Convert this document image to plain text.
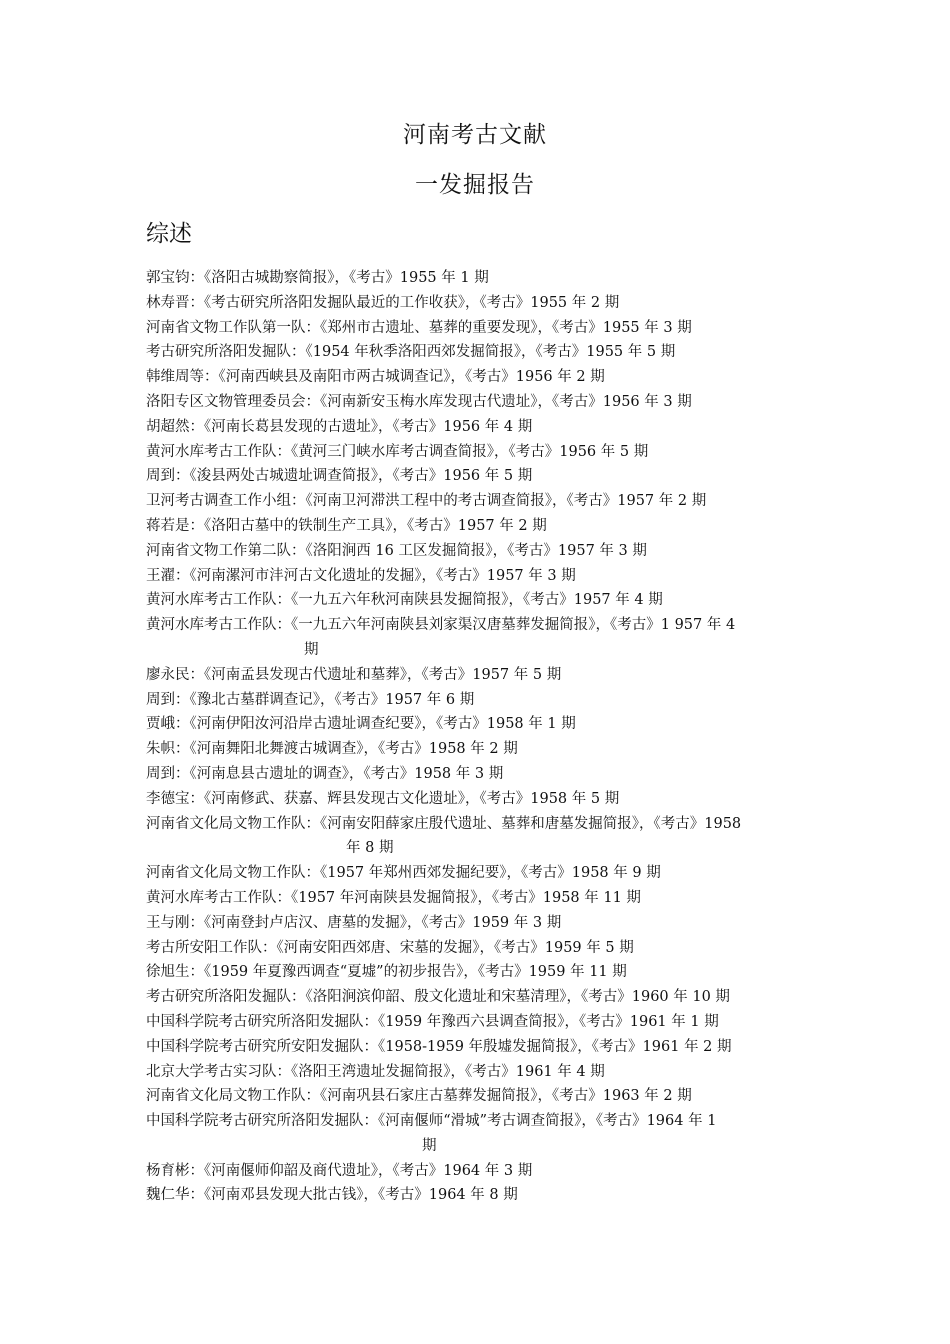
河南考古文献
一发掘报告
综述
郭宝钧：《洛阳古城勘察简报》，《考古》1955 年 1 期
林寿晋：《考古研究所洛阳发掘队最近的工作收获》，《考古》1955 年 2 期
河南省文物工作队第一队：《郑州市古遗址、墓葬的重要发现》，《考古》1955 年 3 期
考古研究所洛阳发掘队：《1954 年秋季洛阳西郊发掘简报》，《考古》1955 年 5 期
韩维周等：《河南西峡县及南阳市两古城调查记》，《考古》1956 年 2 期
洛阳专区文物管理委员会：《河南新安玉梅水库发现古代遗址》，《考古》1956 年 3 期
胡超然：《河南长葛县发现的古遗址》，《考古》1956 年 4 期
黄河水库考古工作队：《黄河三门峡水库考古调查简报》，《考古》1956 年 5 期
周到：《浚县两处古城遗址调查简报》，《考古》1956 年 5 期
卫河考古调查工作小组：《河南卫河滞洪工程中的考古调查简报》，《考古》1957 年 2 期
蒋若是：《洛阳古墓中的铁制生产工具》，《考古》1957 年 2 期
河南省文物工作第二队：《洛阳涧西 16 工区发掘简报》，《考古》1957 年 3 期
王濯：《河南漯河市沣河古文化遗址的发掘》，《考古》1957 年 3 期
黄河水库考古工作队：《一九五六年秋河南陕县发掘简报》，《考古》1957 年 4 期
黄河水库考古工作队：《一九五六年河南陕县刘家渠汉唐墓葬发掘简报》，《考古》1 957 年 4
期
廖永民：《河南孟县发现古代遗址和墓葬》，《考古》1957 年 5 期
周到：《豫北古墓群调查记》，《考古》1957 年 6 期
贾峨：《河南伊阳汝河沿岸古遗址调查纪要》，《考古》1958 年 1 期
朱帜：《河南舞阳北舞渡古城调查》，《考古》1958 年 2 期
周到：《河南息县古遗址的调查》，《考古》1958 年 3 期
李德宝：《河南修武、获嘉、辉县发现古文化遗址》，《考古》1958 年 5 期
河南省文化局文物工作队：《河南安阳薛家庄殷代遗址、墓葬和唐墓发掘简报》，《考古》1958
年 8 期
河南省文化局文物工作队：《1957 年郑州西郊发掘纪要》，《考古》1958 年 9 期
黄河水库考古工作队：《1957 年河南陕县发掘简报》，《考古》1958 年 11 期
王与刚：《河南登封卢店汉、唐墓的发掘》，《考古》1959 年 3 期
考古所安阳工作队：《河南安阳西郊唐、宋墓的发掘》，《考古》1959 年 5 期
徐旭生：《1959 年夏豫西调查“夏墟”的初步报告》，《考古》1959 年 11 期
考古研究所洛阳发掘队：《洛阳涧滨仰韶、殷文化遗址和宋墓清理》，《考古》1960 年 10 期
中国科学院考古研究所洛阳发掘队：《1959 年豫西六县调查简报》，《考古》1961 年 1 期
中国科学院考古研究所安阳发掘队：《1958-1959 年殷墟发掘简报》，《考古》1961 年 2 期
北京大学考古实习队：《洛阳王湾遗址发掘简报》，《考古》1961 年 4 期
河南省文化局文物工作队：《河南巩县石家庄古墓葬发掘简报》，《考古》1963 年 2 期
中国科学院考古研究所洛阳发掘队：《河南偃师“滑城”考古调查简报》，《考古》1964 年 1
期
杨育彬：《河南偃师仰韶及商代遗址》，《考古》1964 年 3 期
魏仁华：《河南邓县发现大批古钱》，《考古》1964 年 8 期
